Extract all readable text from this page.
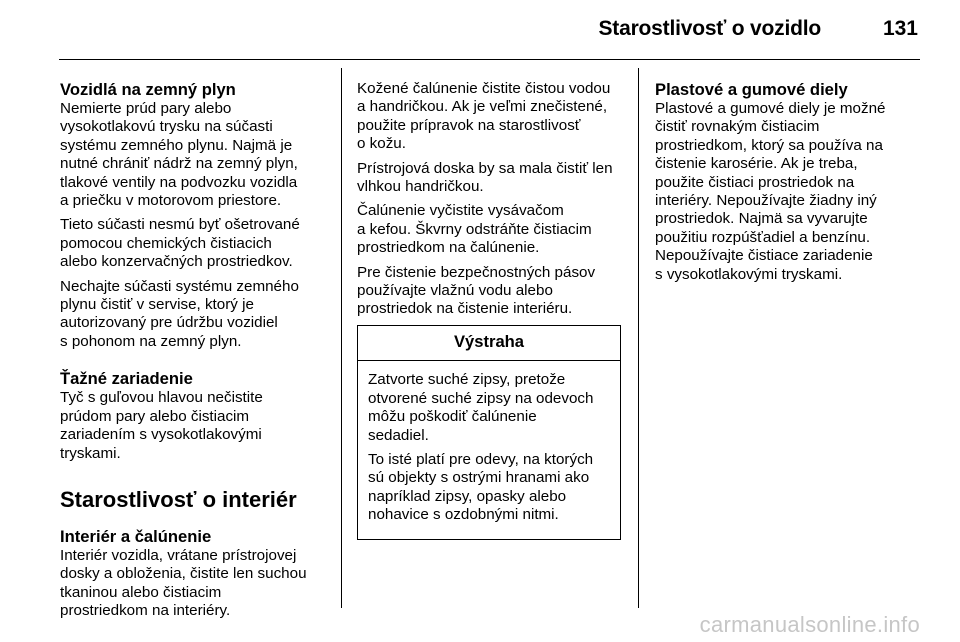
Starostlivosť o vozidlo	131
Vozidlá na zemný plyn

Nemierte prúd pary alebo
vysokotlakovú trysku na súčasti
systému zemného plynu. Najmä je
nutné chrániť nádrž na zemný plyn,
tlakové ventily na podvozku vozidla
a priečku v motorovom priestore.

Tieto súčasti nesmú byť ošetrované
pomocou chemických čistiacich
alebo konzervačných prostriedkov.

Nechajte súčasti systému zemného
plynu čistiť v servise, ktorý je
autorizovaný pre údržbu vozidiel
s pohonom na zemný plyn.

Ťažné zariadenie

Tyč s guľovou hlavou nečistite
prúdom pary alebo čistiacim
zariadením s vysokotlakovými
tryskami.

Starostlivosť o interiér
Interiér a čalúnenie

Interiér vozidla, vrátane prístrojovej
dosky a obloženia, čistite len suchou
tkaninou alebo čistiacim
prostriedkom na interiéry.

Kožené čalúnenie čistite čistou vodou
a handričkou. Ak je veľmi znečistené,
použite prípravok na starostlivosť
o kožu.

Prístrojová doska by sa mala čistiť len
vlhkou handričkou.

Čalúnenie vyčistite vysávačom
a kefou. Škvrny odstráňte čistiacim
prostriedkom na čalúnenie.

Pre čistenie bezpečnostných pásov
používajte vlažnú vodu alebo
prostriedok na čistenie interiéru.

Výstraha

Zatvorte suché zipsy, pretože
otvorené suché zipsy na odevoch
môžu poškodiť čalúnenie
sedadiel.

To isté platí pre odevy, na ktorých
sú objekty s ostrými hranami ako
napríklad zipsy, opasky alebo
nohavice s ozdobnými nitmi.

Plastové a gumové diely

Plastové a gumové diely je možné
čistiť rovnakým čistiacim
prostriedkom, ktorý sa používa na
čistenie karosérie. Ak je treba,
použite čistiaci prostriedok na
interiéry. Nepoužívajte žiadny iný
prostriedok. Najmä sa vyvarujte
použitiu rozpúšťadiel a benzínu.
Nepoužívajte čistiace zariadenie
s vysokotlakovými tryskami.

carmanualsonline.info
